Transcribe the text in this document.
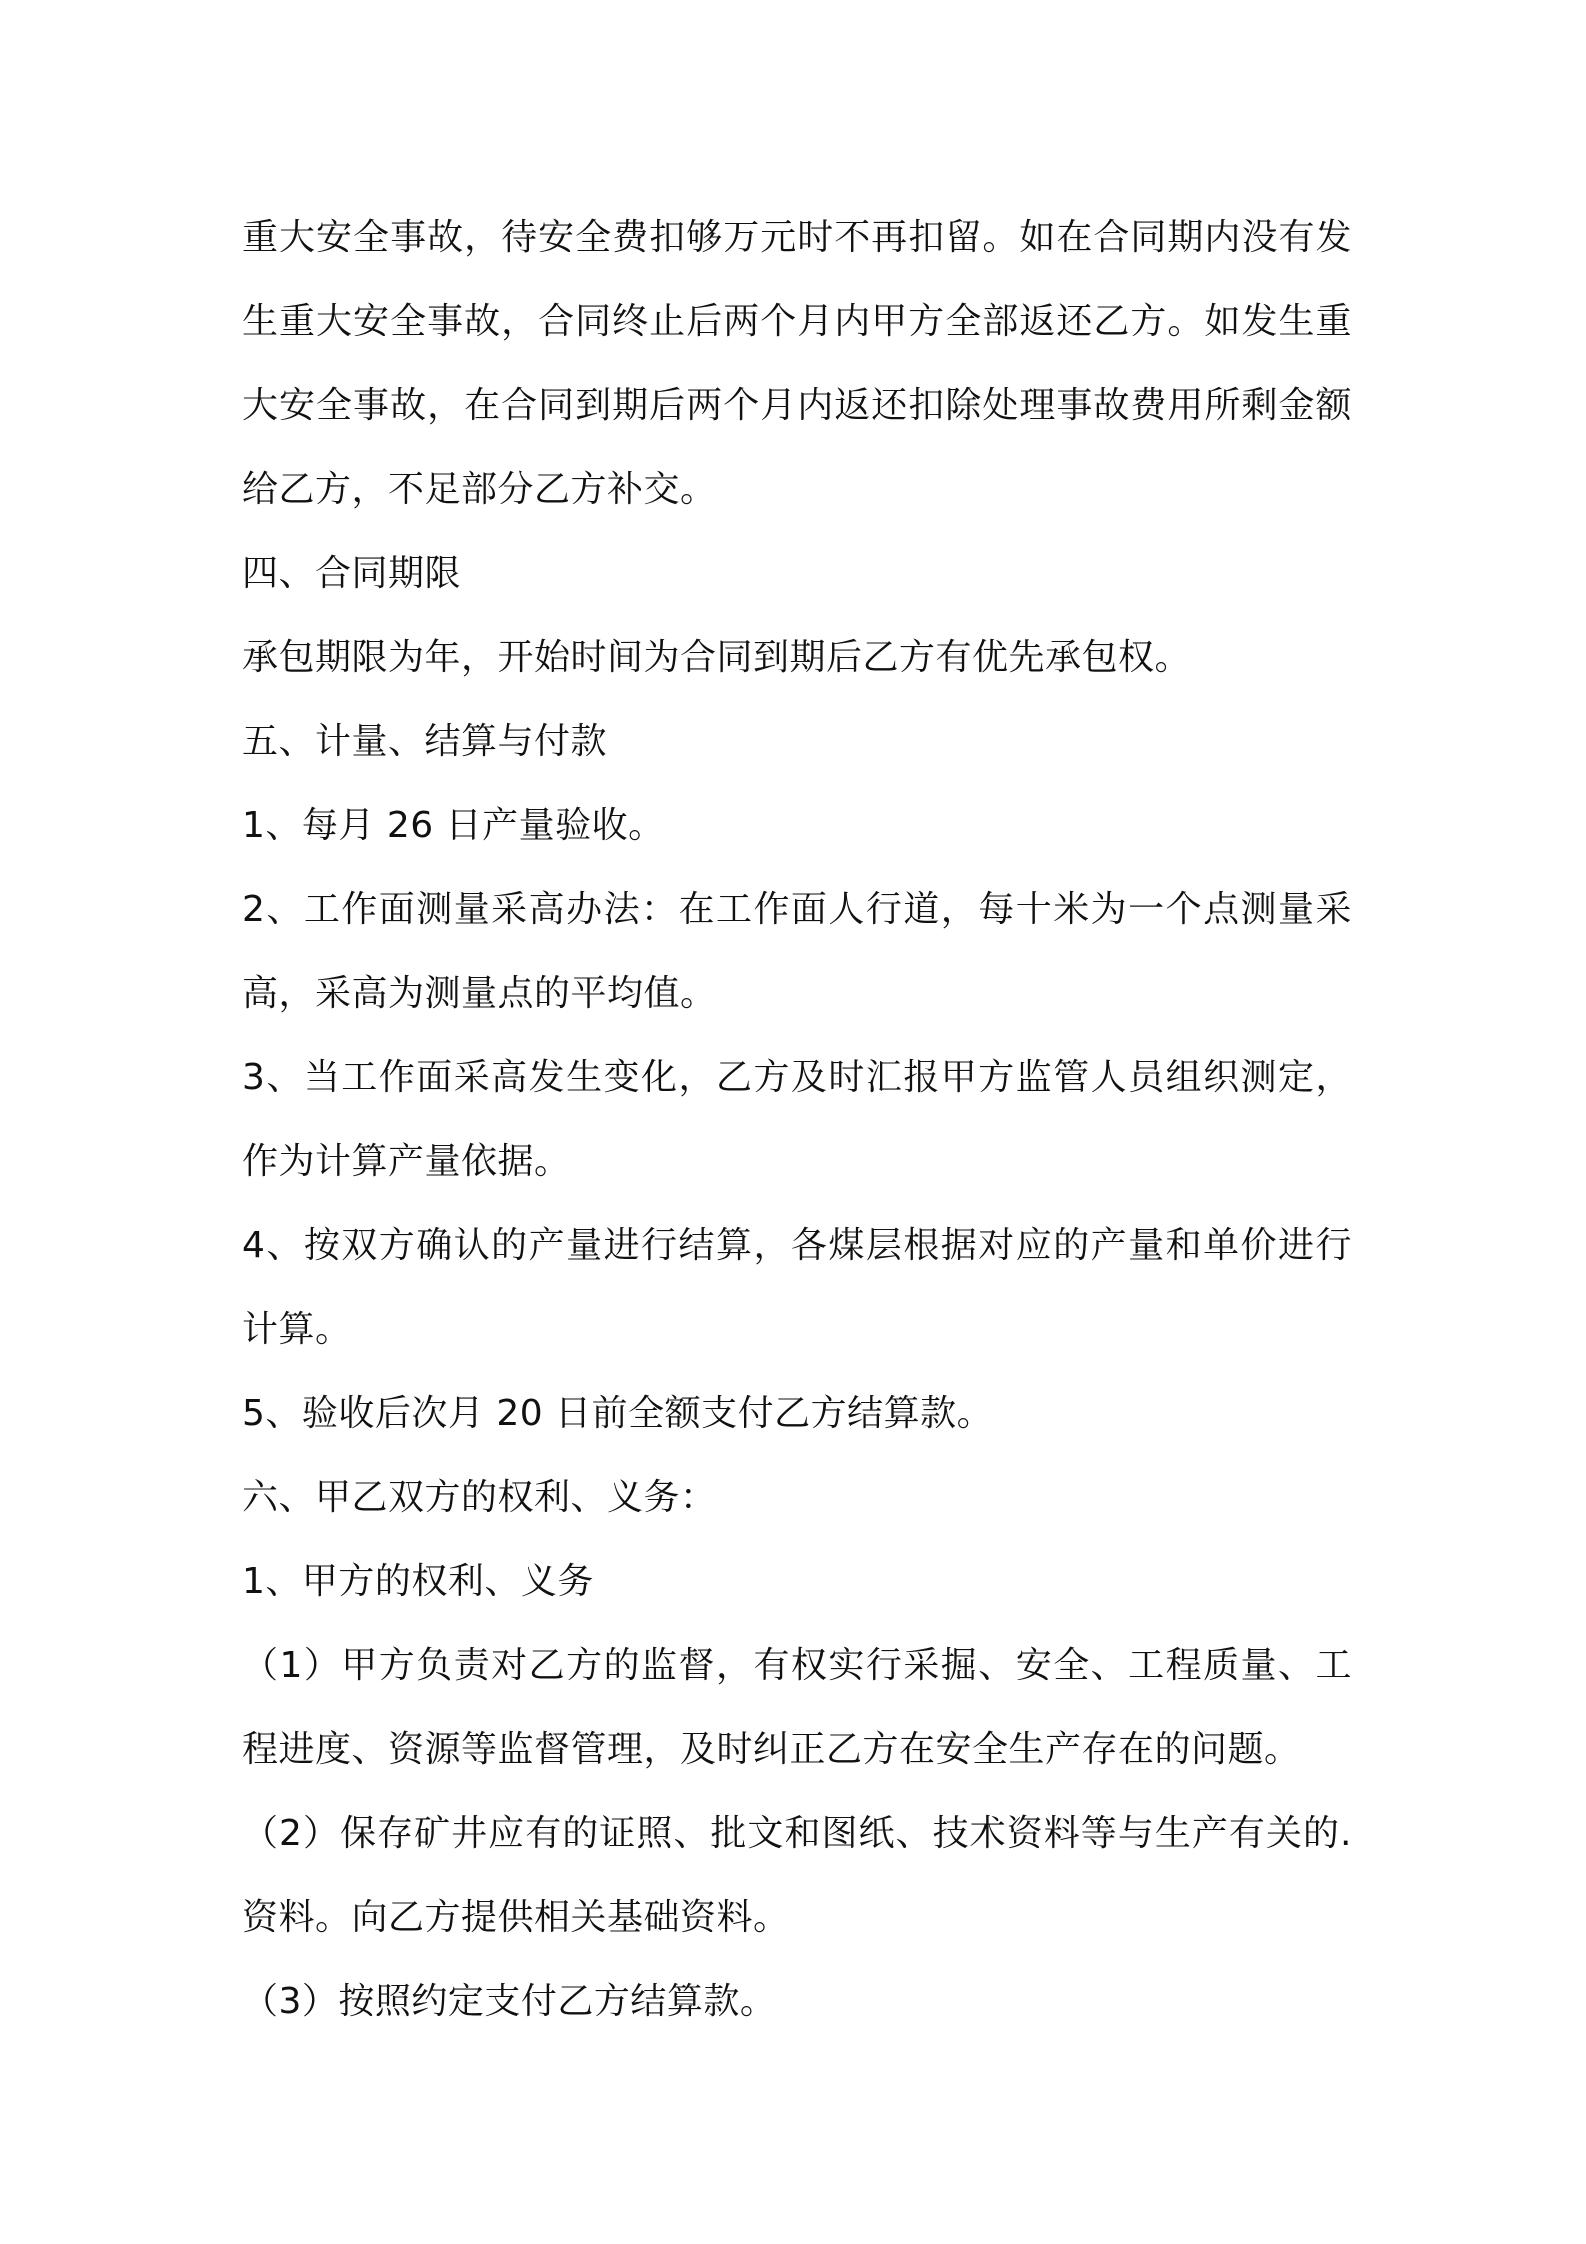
重大安全事故，待安全费扣够万元时不再扣留。如在合同期内没有发
生重大安全事故，合同终止后两个月内甲方全部返还乙方。如发生重
大安全事故，在合同到期后两个月内返还扣除处理事故费用所剩金额
给乙方，不足部分乙方补交。
四、合同期限
承包期限为年，开始时间为合同到期后乙方有优先承包权。
五、计量、结算与付款
1、每月 26 日产量验收。
2、工作面测量采高办法：在工作面人行道，每十米为一个点测量采
高，采高为测量点的平均值。
3、当工作面采高发生变化，乙方及时汇报甲方监管人员组织测定，
作为计算产量依据。
4、按双方确认的产量进行结算，各煤层根据对应的产量和单价进行
计算。
5、验收后次月 20 日前全额支付乙方结算款。
六、甲乙双方的权利、义务：
1、甲方的权利、义务
（1）甲方负责对乙方的监督，有权实行采掘、安全、工程质量、工
程进度、资源等监督管理，及时纠正乙方在安全生产存在的问题。
（2）保存矿井应有的证照、批文和图纸、技术资料等与生产有关的.
资料。向乙方提供相关基础资料。
（3）按照约定支付乙方结算款。
